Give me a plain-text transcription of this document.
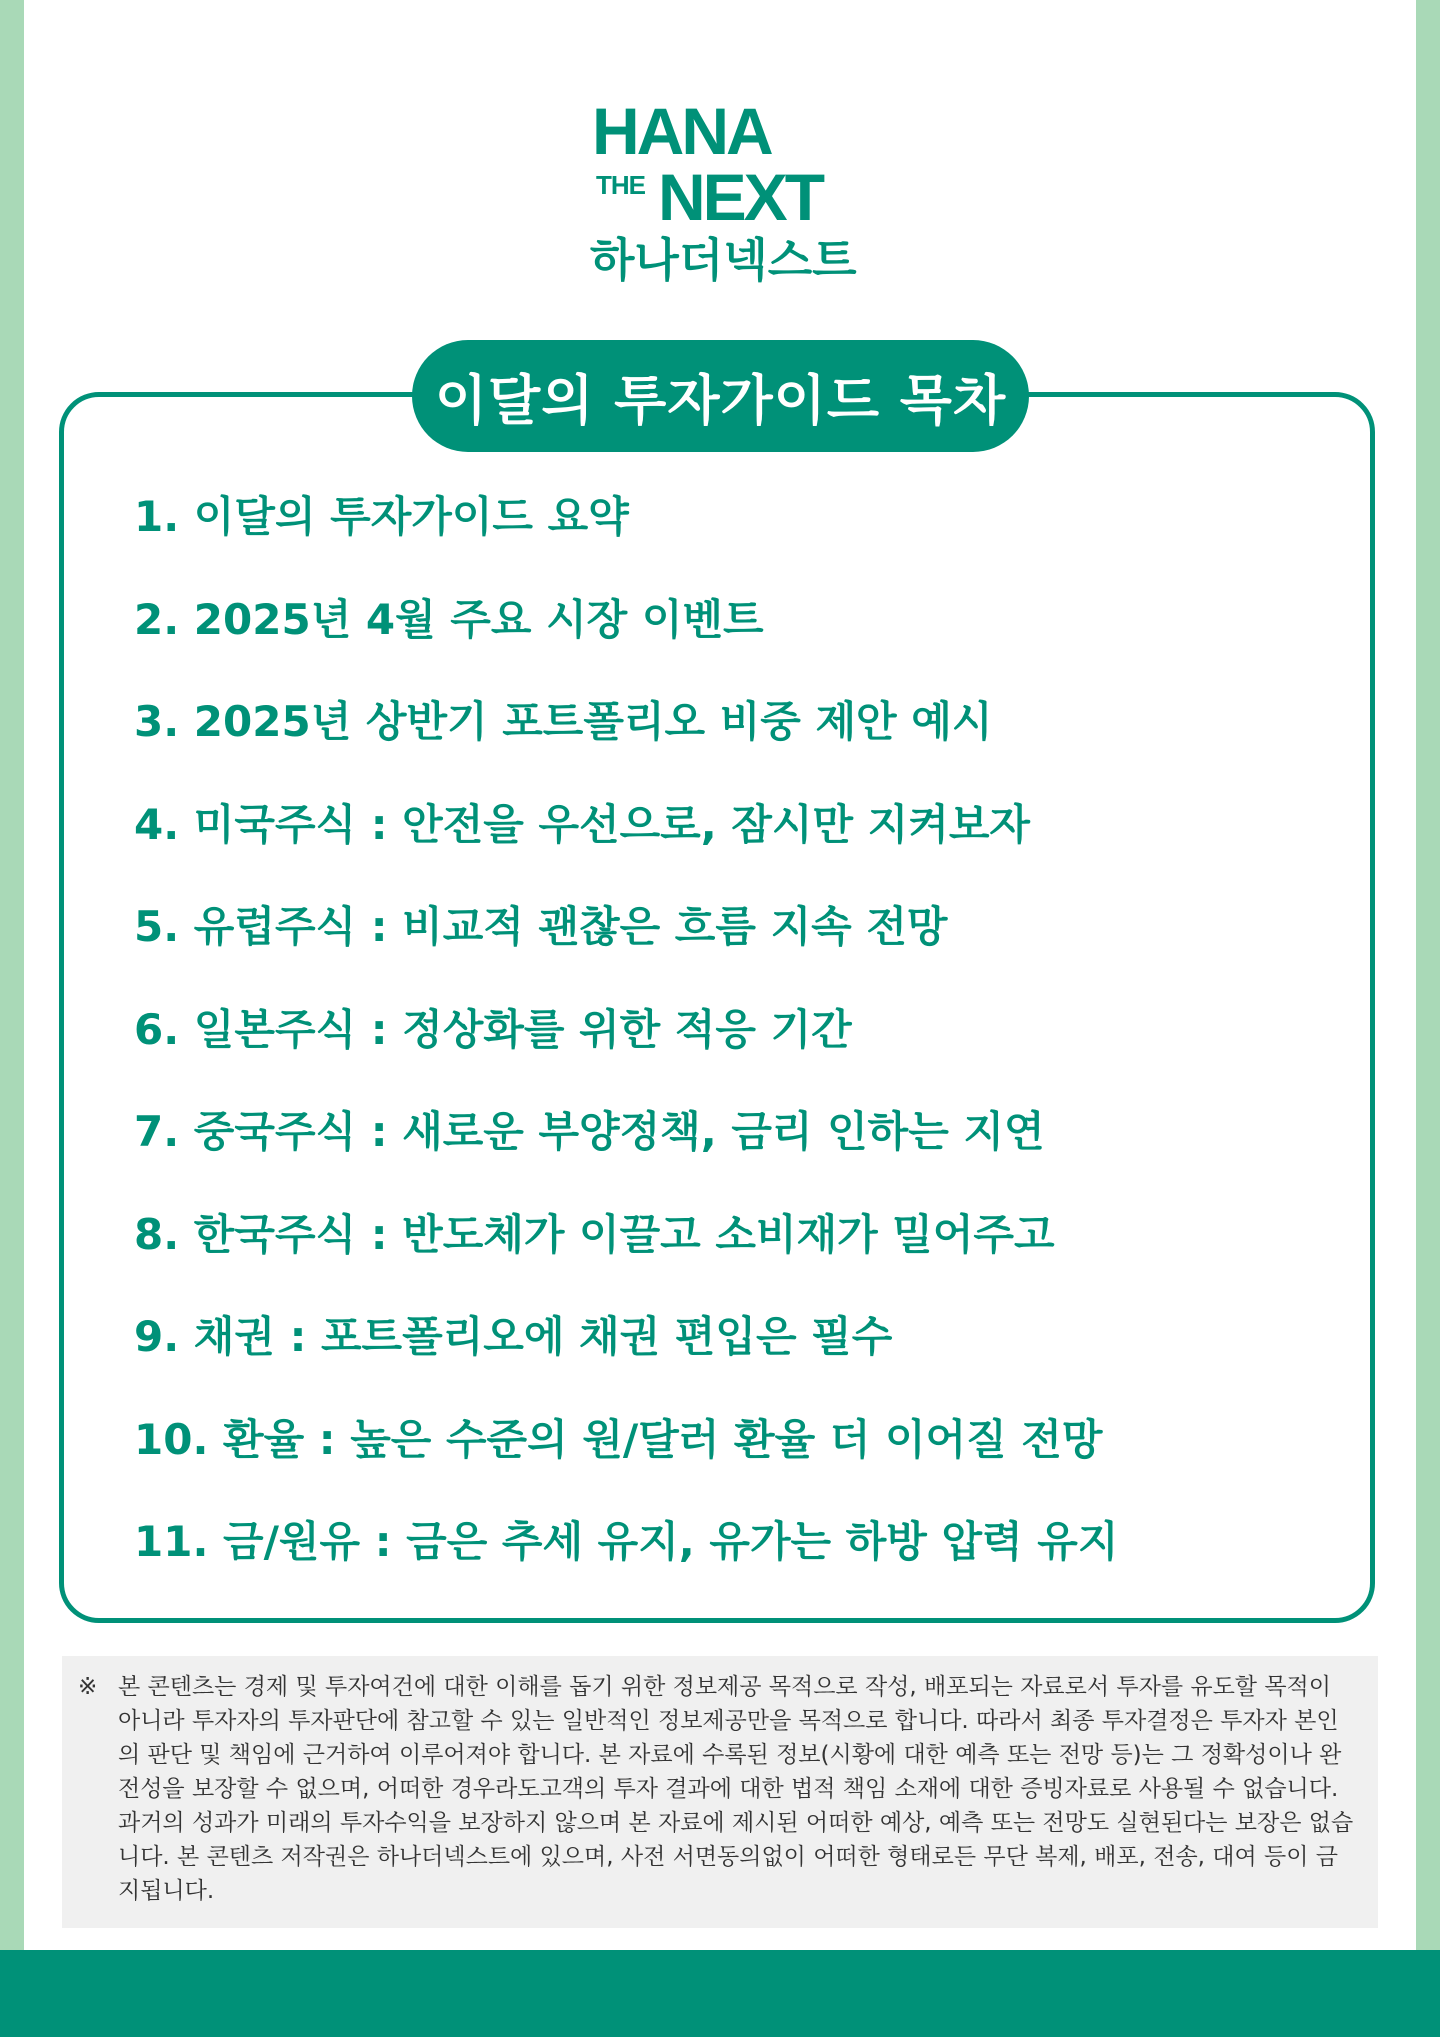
HANA
THE NEXT
하나더넥스트
이달의 투자가이드 목차
1. 이달의 투자가이드 요약
2. 2025년 4월 주요 시장 이벤트
3. 2025년 상반기 포트폴리오 비중 제안 예시
4. 미국주식 : 안전을 우선으로, 잠시만 지켜보자
5. 유럽주식 : 비교적 괜찮은 흐름 지속 전망
6. 일본주식 : 정상화를 위한 적응 기간
7. 중국주식 : 새로운 부양정책, 금리 인하는 지연
8. 한국주식 : 반도체가 이끌고 소비재가 밀어주고
9. 채권 : 포트폴리오에 채권 편입은 필수
10. 환율 : 높은 수준의 원/달러 환율 더 이어질 전망
11. 금/원유 : 금은 추세 유지, 유가는 하방 압력 유지
※ 본 콘텐츠는 경제 및 투자여건에 대한 이해를 돕기 위한 정보제공 목적으로 작성, 배포되는 자료로서 투자를 유도할 목적이 아니라 투자자의 투자판단에 참고할 수 있는 일반적인 정보제공만을 목적으로 합니다. 따라서 최종 투자결정은 투자자 본인의 판단 및 책임에 근거하여 이루어져야 합니다. 본 자료에 수록된 정보(시황에 대한 예측 또는 전망 등)는 그 정확성이나 완전성을 보장할 수 없으며, 어떠한 경우라도고객의 투자 결과에 대한 법적 책임 소재에 대한 증빙자료로 사용될 수 없습니다. 과거의 성과가 미래의 투자수익을 보장하지 않으며 본 자료에 제시된 어떠한 예상, 예측 또는 전망도 실현된다는 보장은 없습니다. 본 콘텐츠 저작권은 하나더넥스트에 있으며, 사전 서면동의없이 어떠한 형태로든 무단 복제, 배포, 전송, 대여 등이 금지됩니다.
